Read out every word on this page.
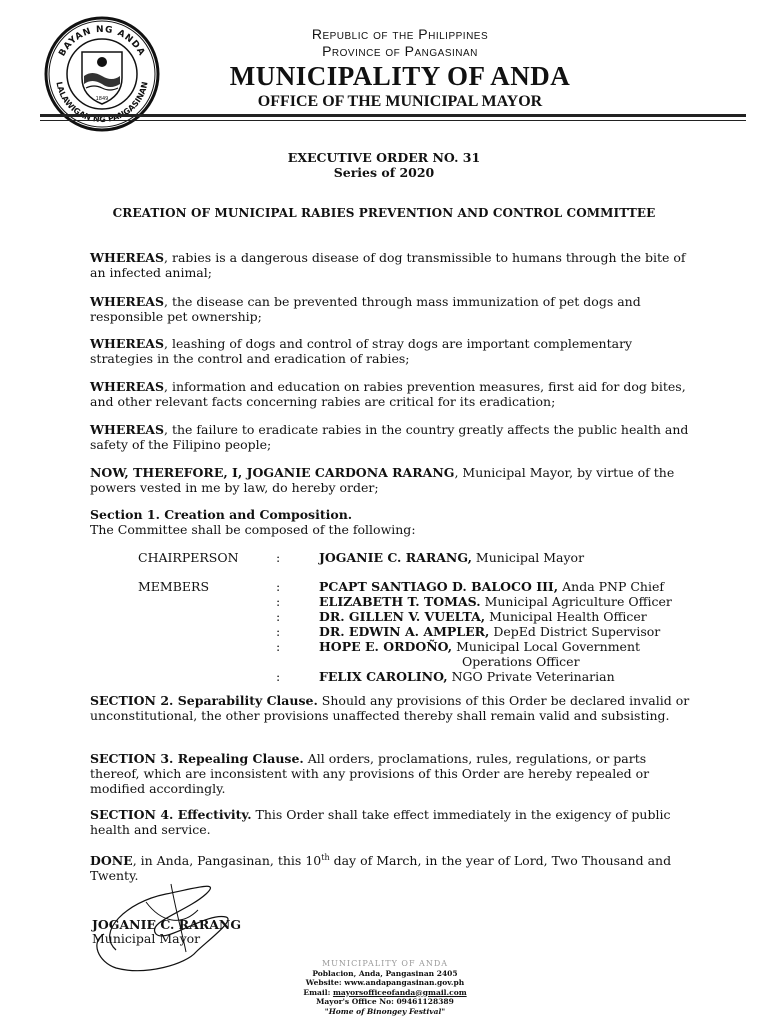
BAYAN NG ANDA
LALAWIGAN NG PANGASINAN
1849
Republic of the Philippines
Province of Pangasinan
MUNICIPALITY OF ANDA
OFFICE OF THE MUNICIPAL MAYOR
EXECUTIVE ORDER NO. 31
Series of 2020
CREATION OF MUNICIPAL RABIES PREVENTION AND CONTROL COMMITTEE
WHEREAS, rabies is a dangerous disease of dog transmissible to humans through the bite of an infected animal;
WHEREAS, the disease can be prevented through mass immunization of pet dogs and responsible pet ownership;
WHEREAS, leashing of dogs and control of stray dogs are important complementary strategies in the control and eradication of rabies;
WHEREAS, information and education on rabies prevention measures, first aid for dog bites, and other relevant facts concerning rabies are critical for its eradication;
WHEREAS, the failure to eradicate rabies in the country greatly affects the public health and safety of the Filipino people;
NOW, THEREFORE, I, JOGANIE CARDONA RARANG, Municipal Mayor, by virtue of the powers vested in me by law, do hereby order;
Section 1. Creation and Composition.
The Committee shall be composed of the following:
CHAIRPERSON	:	JOGANIE C. RARANG, Municipal Mayor
MEMBERS	:	PCAPT SANTIAGO D. BALOCO III, Anda PNP Chief
:	ELIZABETH T. TOMAS. Municipal Agriculture Officer
:	DR. GILLEN V. VUELTA, Municipal Health Officer
:	DR. EDWIN A. AMPLER, DepEd District Supervisor
:	HOPE E. ORDOÑO, Municipal Local Government
Operations Officer
:	FELIX CAROLINO, NGO Private Veterinarian
SECTION 2. Separability Clause. Should any provisions of this Order be declared invalid or unconstitutional, the other provisions unaffected thereby shall remain valid and subsisting.
SECTION 3. Repealing Clause. All orders, proclamations, rules, regulations, or parts thereof, which are inconsistent with any provisions of this Order are hereby repealed or modified accordingly.
SECTION 4. Effectivity. This Order shall take effect immediately in the exigency of public health and service.
DONE, in Anda, Pangasinan, this 10th day of March, in the year of Lord, Two Thousand and Twenty.
JOGANIE C. RARANG
Municipal Mayor
MUNICIPALITY OF ANDA
Poblacion, Anda, Pangasinan 2405
Website: www.andapangasinan.gov.ph
Email: mayorsofficeofanda@gmail.com
Mayor's Office No: 09461128389
"Home of Binongey Festival"
